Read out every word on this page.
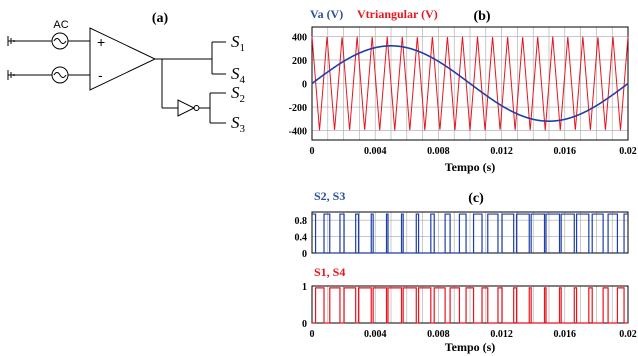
(a)
AC
+
-
$S_1$
$S_4$
$S_2$
$S_3$
Va (V) Vtriangular (V)	(b)
-400
-200
0
200
400
0	0.004	0.008	0.012	0.016	0.02
Tempo (s)
(c)
S2, S3
0
0.4
0.8
S1, S4
0
1
0	0.004	0.008	0.012	0.016	0.02
Tempo (s)
